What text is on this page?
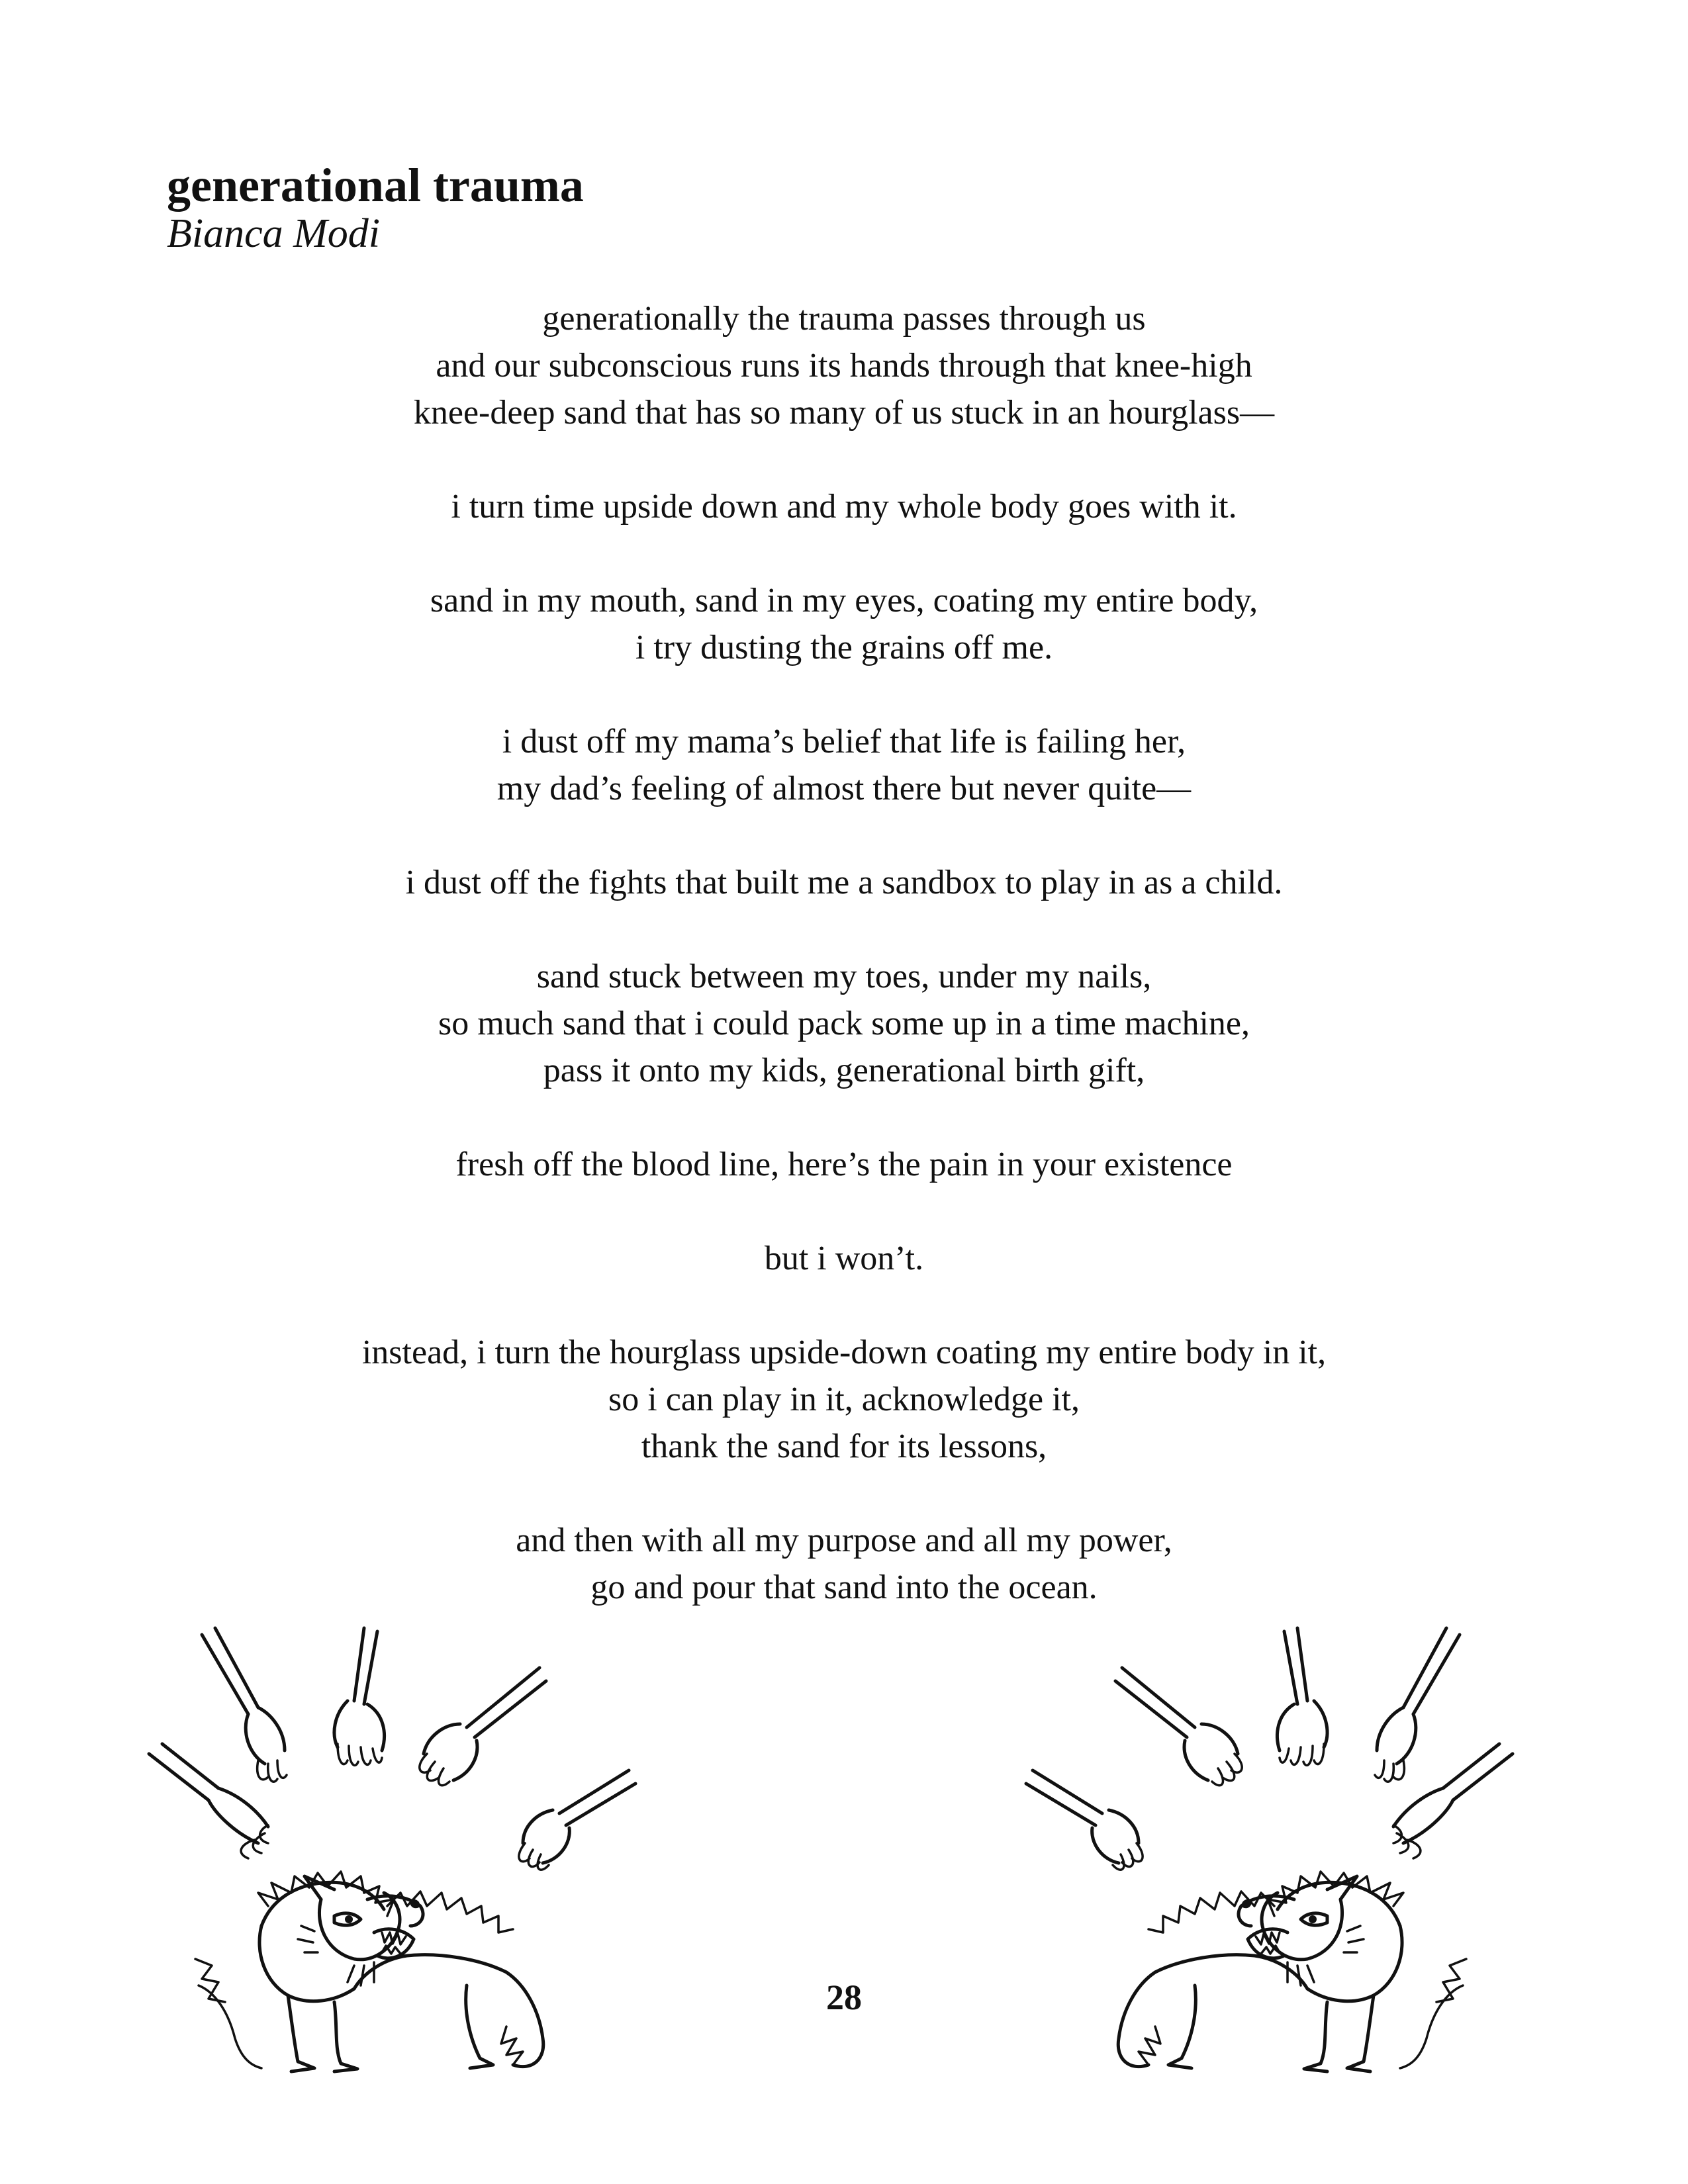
generational trauma
Bianca Modi

generationally the trauma passes through us
and our subconscious runs its hands through that knee-high
knee-deep sand that has so many of us stuck in an hourglass—

i turn time upside down and my whole body goes with it.

sand in my mouth, sand in my eyes, coating my entire body,
i try dusting the grains off me.

i dust off my mama’s belief that life is failing her,
my dad’s feeling of almost there but never quite—

i dust off the fights that built me a sandbox to play in as a child.

sand stuck between my toes, under my nails,
so much sand that i could pack some up in a time machine,
pass it onto my kids, generational birth gift,

fresh off the blood line, here’s the pain in your existence

but i won’t.

instead, i turn the hourglass upside-down coating my entire body in it,
so i can play in it, acknowledge it,
thank the sand for its lessons,

and then with all my purpose and all my power,
go and pour that sand into the ocean.

28
